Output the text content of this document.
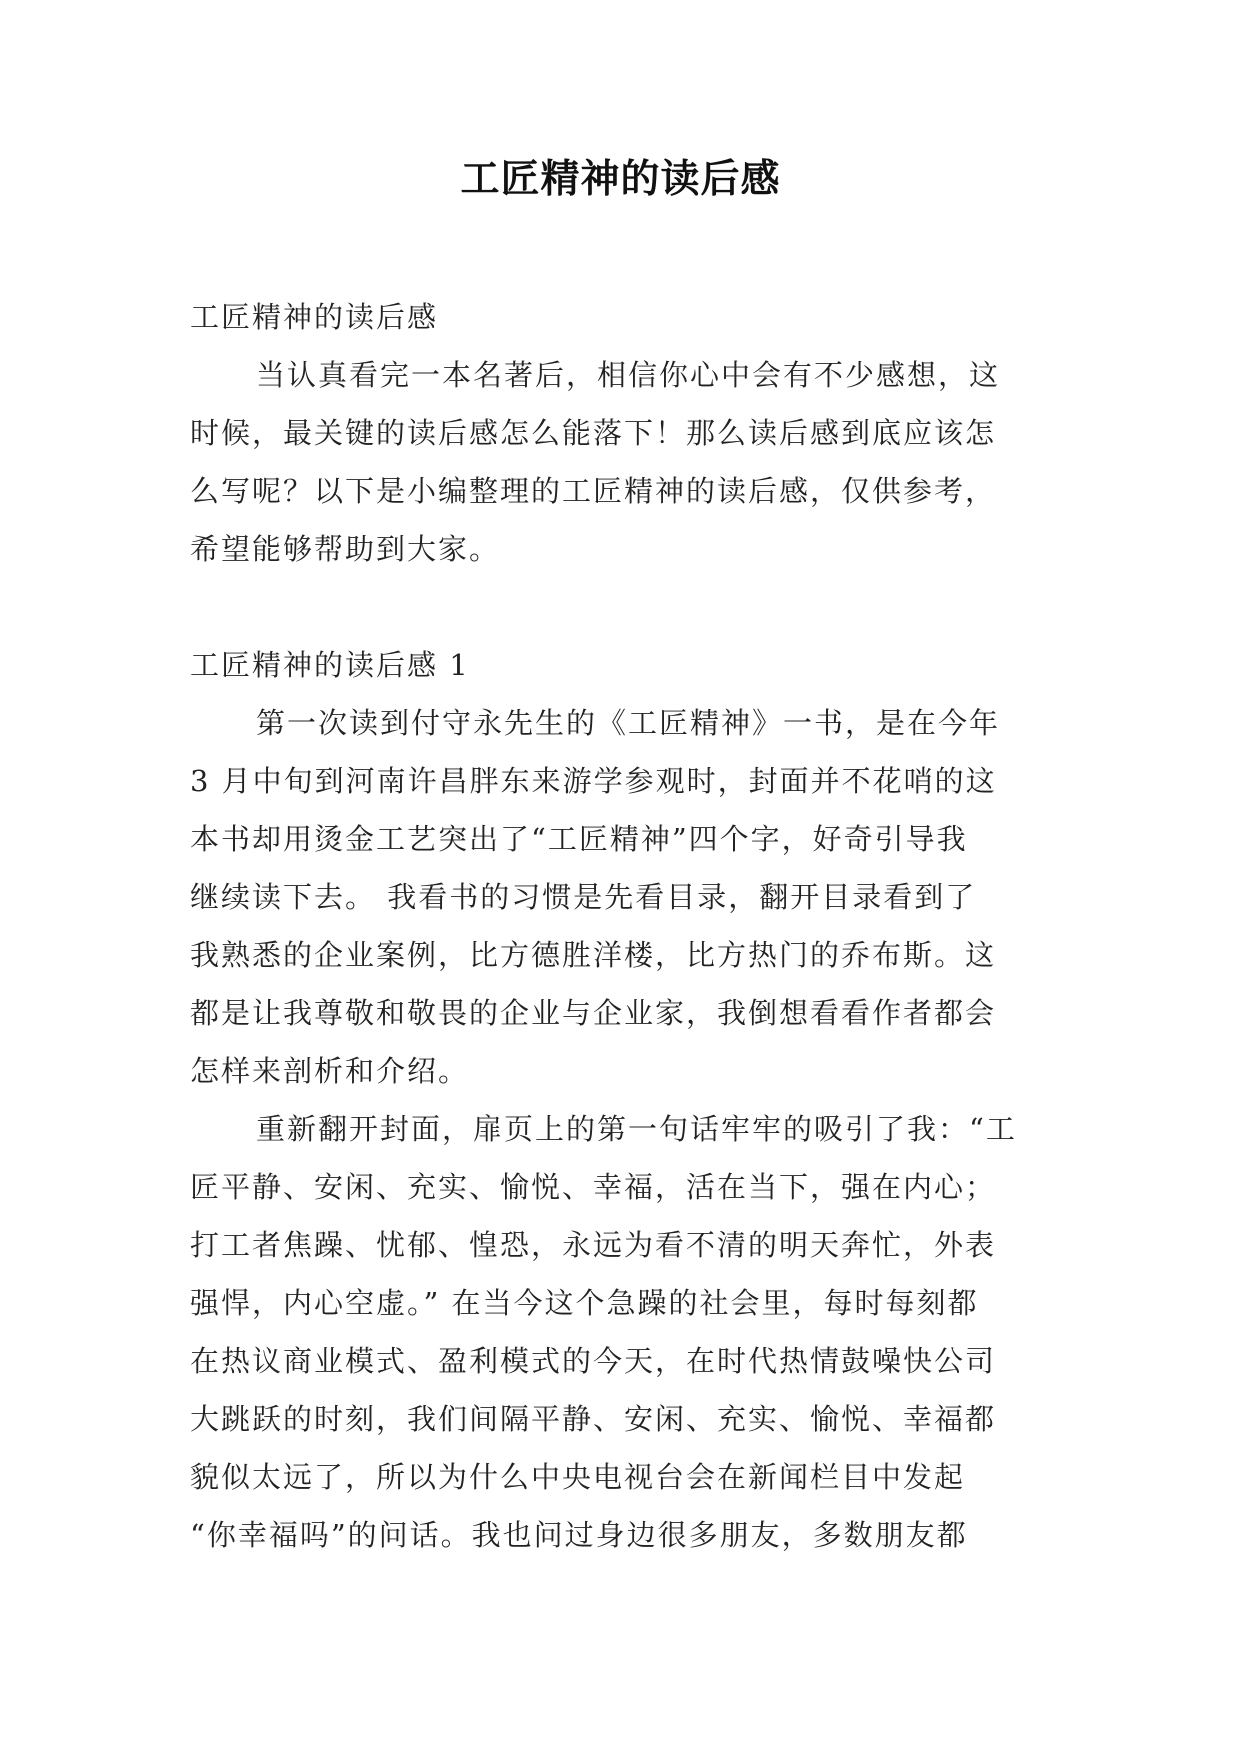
工匠精神的读后感

工匠精神的读后感

当认真看完一本名著后，相信你心中会有不少感想，这

时候，最关键的读后感怎么能落下！那么读后感到底应该怎

么写呢？以下是小编整理的工匠精神的读后感，仅供参考，

希望能够帮助到大家。

工匠精神的读后感 1

第一次读到付守永先生的《工匠精神》一书，是在今年

3 月中旬到河南许昌胖东来游学参观时，封面并不花哨的这

本书却用烫金工艺突出了“工匠精神”四个字，好奇引导我

继续读下去。 我看书的习惯是先看目录，翻开目录看到了

我熟悉的企业案例，比方德胜洋楼，比方热门的乔布斯。这

都是让我尊敬和敬畏的企业与企业家，我倒想看看作者都会

怎样来剖析和介绍。

重新翻开封面，扉页上的第一句话牢牢的吸引了我：“工

匠平静、安闲、充实、愉悦、幸福，活在当下，强在内心；

打工者焦躁、忧郁、惶恐，永远为看不清的明天奔忙，外表

强悍，内心空虚。” 在当今这个急躁的社会里，每时每刻都

在热议商业模式、盈利模式的今天，在时代热情鼓噪快公司

大跳跃的时刻，我们间隔平静、安闲、充实、愉悦、幸福都

貌似太远了，所以为什么中央电视台会在新闻栏目中发起

“你幸福吗”的问话。我也问过身边很多朋友，多数朋友都
